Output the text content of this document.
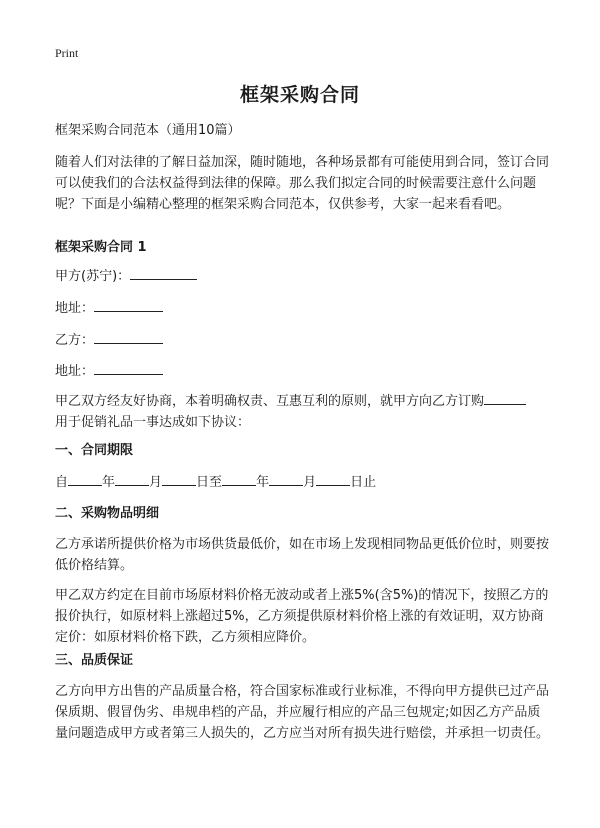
Print
框架采购合同
框架采购合同范本（通用10篇）
随着人们对法律的了解日益加深，随时随地，各种场景都有可能使用到合同，签订合同可以使我们的合法权益得到法律的保障。那么我们拟定合同的时候需要注意什么问题呢？下面是小编精心整理的框架采购合同范本，仅供参考，大家一起来看看吧。
框架采购合同 1
甲方(苏宁)：
地址：
乙方：
地址：
甲乙双方经友好协商，本着明确权责、互惠互利的原则，就甲方向乙方订购
用于促销礼品一事达成如下协议：
一、合同期限
自	年	月	日至	年	月	日止
二、采购物品明细
乙方承诺所提供价格为市场供货最低价，如在市场上发现相同物品更低价位时，则要按低价格结算。
甲乙双方约定在目前市场原材料价格无波动或者上涨5%(含5%)的情况下，按照乙方的报价执行，如原材料上涨超过5%，乙方须提供原材料价格上涨的有效证明，双方协商定价：如原材料价格下跌，乙方须相应降价。
三、品质保证
乙方向甲方出售的产品质量合格，符合国家标准或行业标准，不得向甲方提供已过产品保质期、假冒伪劣、串规串档的产品，并应履行相应的产品三包规定;如因乙方产品质量问题造成甲方或者第三人损失的，乙方应当对所有损失进行赔偿，并承担一切责任。
